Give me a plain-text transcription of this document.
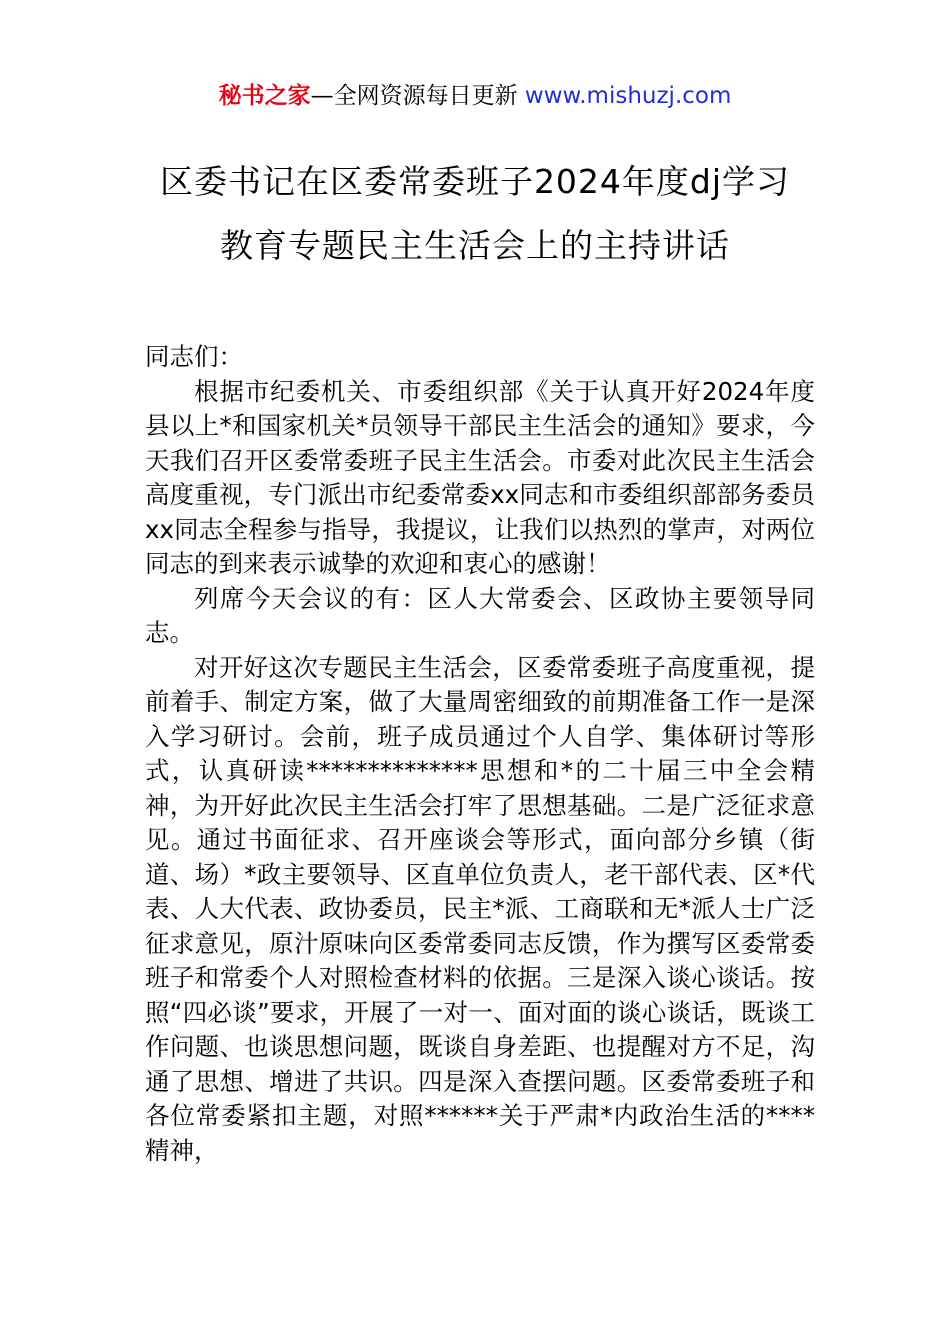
秘书之家—全网资源每日更新 www.mishuzj.com
区委书记在区委常委班子2024年度dj学习
教育专题民主生活会上的主持讲话

同志们：

根据市纪委机关、市委组织部《关于认真开好2024年度县以上*和国家机关*员领导干部民主生活会的通知》要求，今天我们召开区委常委班子民主生活会。市委对此次民主生活会高度重视，专门派出市纪委常委xx同志和市委组织部部务委员xx同志全程参与指导，我提议，让我们以热烈的掌声，对两位同志的到来表示诚挚的欢迎和衷心的感谢！

列席今天会议的有：区人大常委会、区政协主要领导同志。

对开好这次专题民主生活会，区委常委班子高度重视，提前着手、制定方案，做了大量周密细致的前期准备工作一是深入学习研讨。会前，班子成员通过个人自学、集体研讨等形式，认真研读**************思想和*的二十届三中全会精神，为开好此次民主生活会打牢了思想基础。二是广泛征求意见。通过书面征求、召开座谈会等形式，面向部分乡镇（街道、场）*政主要领导、区直单位负责人，老干部代表、区*代表、人大代表、政协委员，民主*派、工商联和无*派人士广泛征求意见，原汁原味向区委常委同志反馈，作为撰写区委常委班子和常委个人对照检查材料的依据。三是深入谈心谈话。按照“四必谈”要求，开展了一对一、面对面的谈心谈话，既谈工作问题、也谈思想问题，既谈自身差距、也提醒对方不足，沟通了思想、增进了共识。四是深入查摆问题。区委常委班子和各位常委紧扣主题，对照******关于严肃*内政治生活的****精神，
